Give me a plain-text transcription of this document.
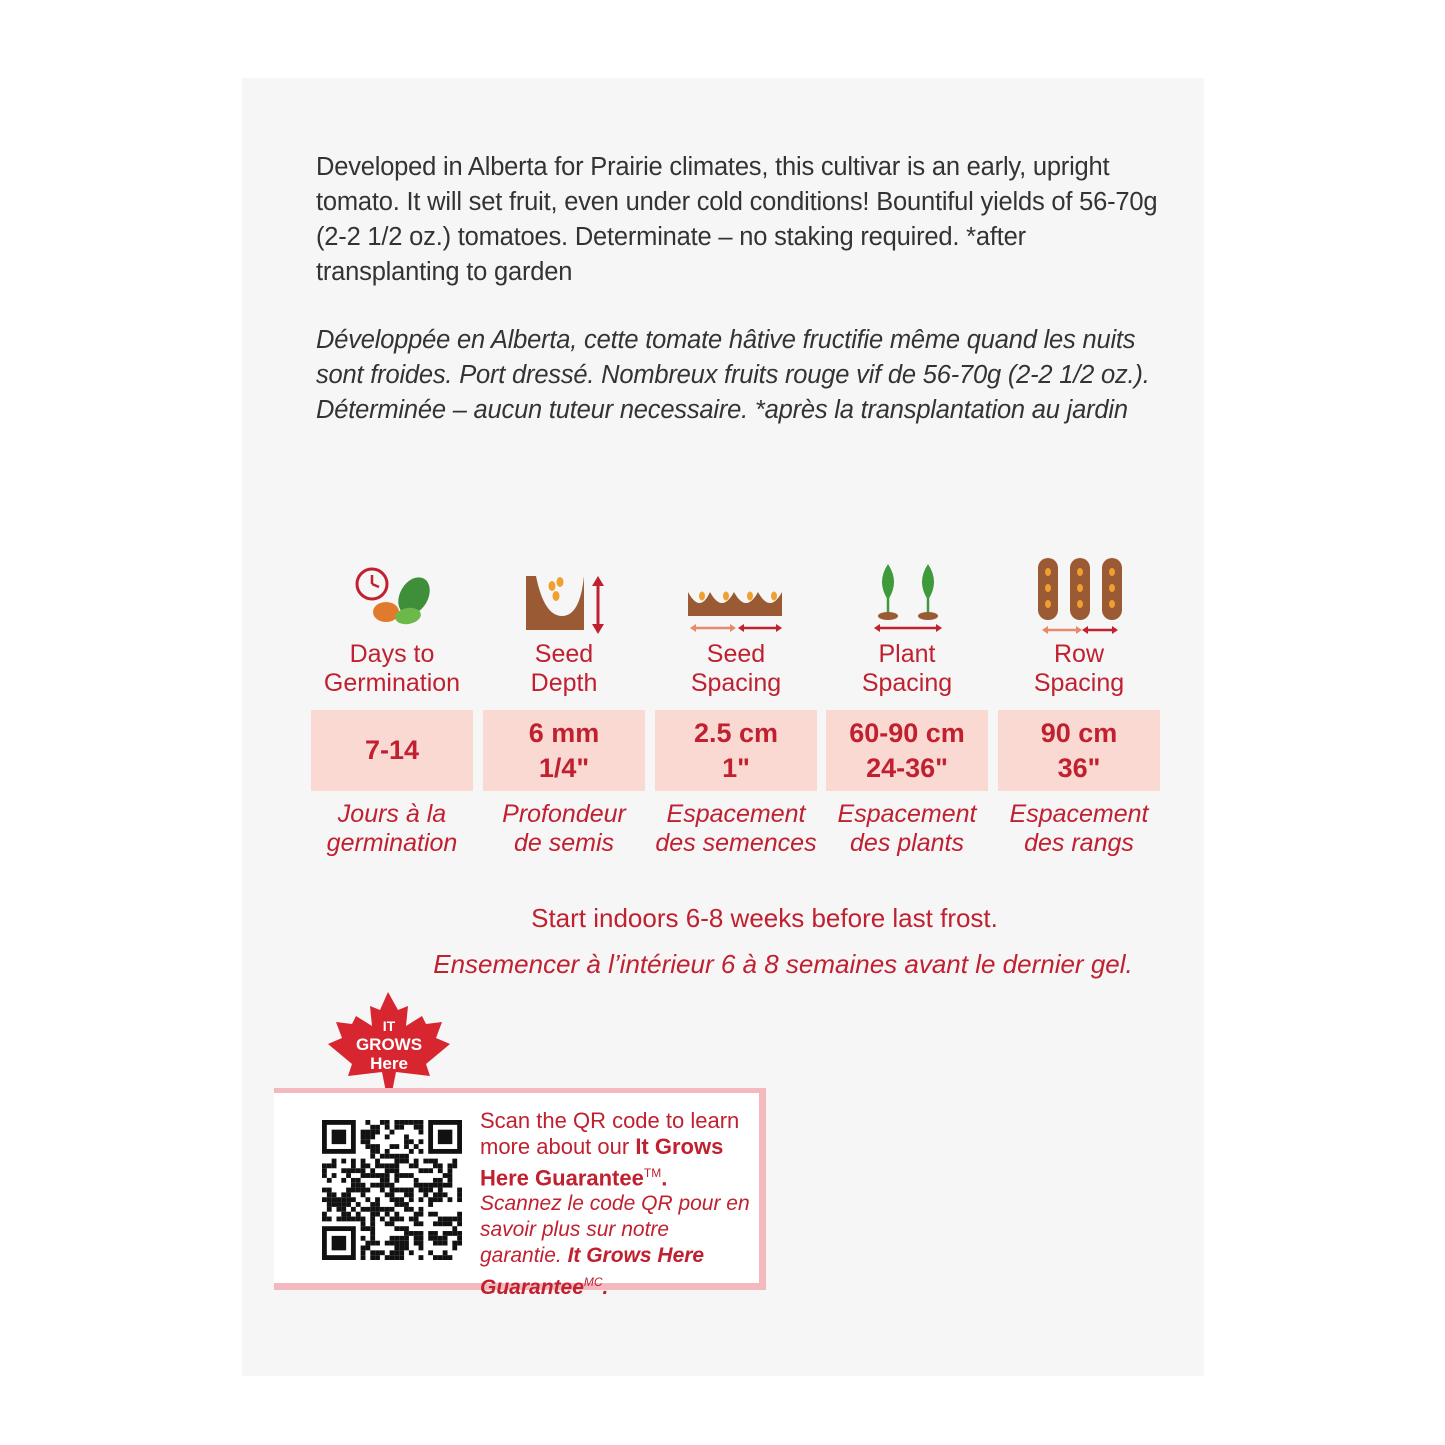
Developed in Alberta for Prairie climates, this cultivar is an early, upright tomato. It will set fruit, even under cold conditions! Bountiful yields of 56-70g (2-2 1/2 oz.) tomatoes. Determinate – no staking required. *after transplanting to garden

Développée en Alberta, cette tomate hâtive fructifie même quand les nuits sont froides. Port dressé. Nombreux fruits rouge vif de 56-70g (2-2 1/2 oz.). Déterminée – aucun tuteur necessaire. *après la transplantation au jardin

Days to
Germination
7-14
Jours à la
germination
Seed
Depth
6 mm
1/4"
Profondeur
de semis
Seed
Spacing
2.5 cm
1"
Espacement
des semences
Plant
Spacing
60-90 cm
24-36"
Espacement
des plants
Row
Spacing
90 cm
36"
Espacement
des rangs

Start indoors 6-8 weeks before last frost.

Ensemencer à l’intérieur 6 à 8 semaines avant le dernier gel.

IT
GROWS
Here
Scan the QR code to learn more about our It Grows Here Guarantee™.
Scannez le code QR pour en savoir plus sur notre garantie. It Grows Here Guarantee$^{MC}$.
